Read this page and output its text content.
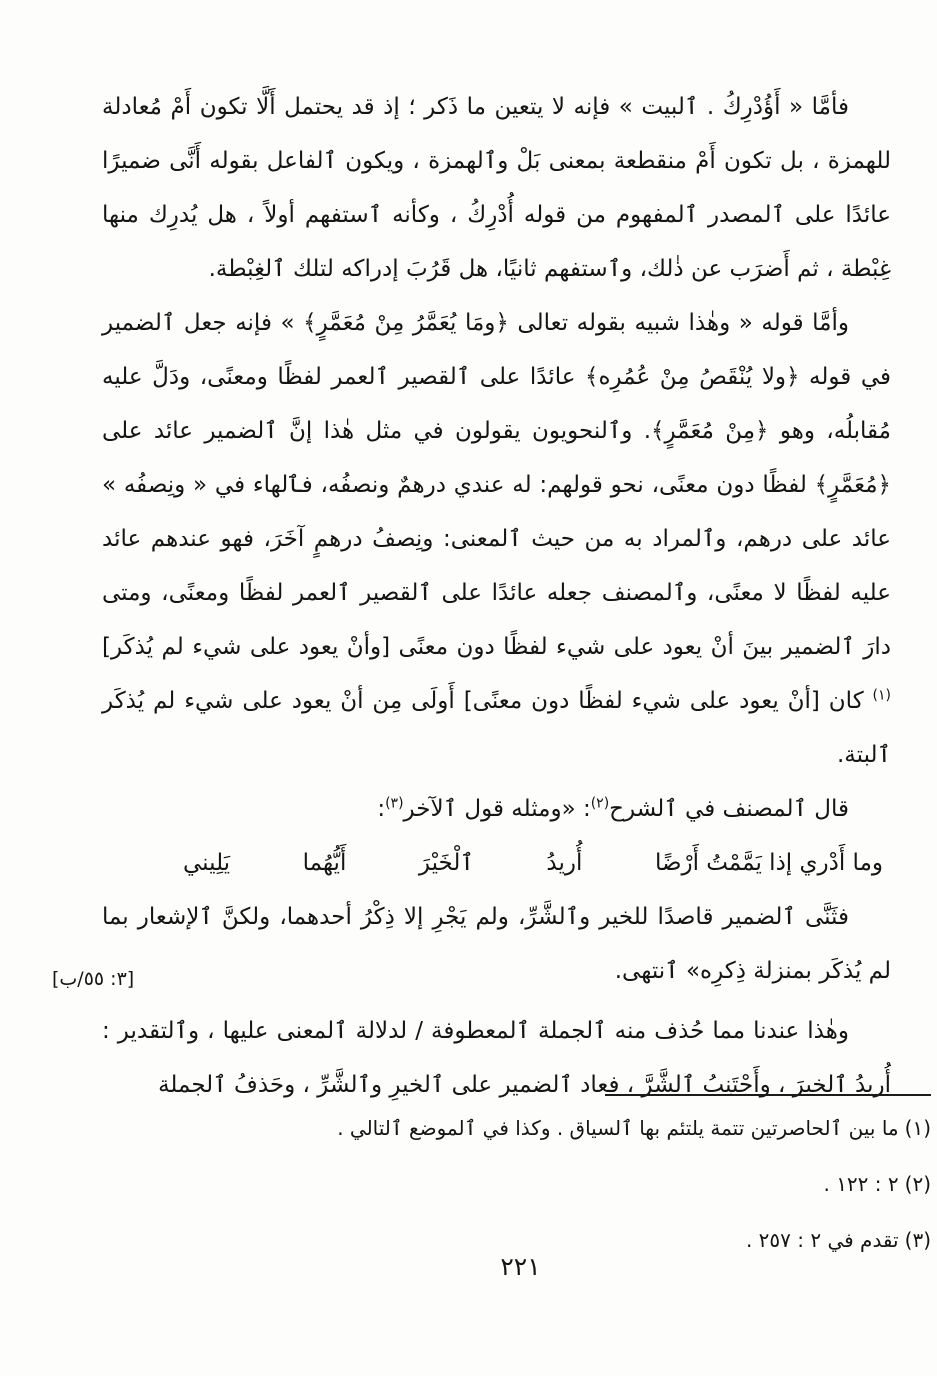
[٣: ٥٥/ب]

فأمَّا « أَؤُدْرِكُ . ٱلبيت » فإنه لا يتعين ما ذَكر ؛ إذ قد يحتمل أَلَّا تكون أَمْ مُعادلة للهمزة ، بل تكون أَمْ منقطعة بمعنى بَلْ وٱلهمزة ، ويكون ٱلفاعل بقوله أَنَّى ضميرًا عائدًا على ٱلمصدر ٱلمفهوم من قوله أُدْرِكُ ، وكأنه ٱستفهم أولاً ، هل يُدرِك منها غِبْطة ، ثم أَضرَب عن ذٰلك، وٱستفهم ثانيًا، هل قَرُبَ إدراكه لتلك ٱلغِبْطة.

وأمَّا قوله « وهٰذا شبيه بقوله تعالى ﴿ومَا يُعَمَّرُ مِنْ مُعَمَّرٍ﴾ » فإنه جعل ٱلضمير في قوله ﴿ولا يُنْقَصُ مِنْ عُمُرِه﴾ عائدًا على ٱلقصير ٱلعمر لفظًا ومعنًى، ودَلَّ عليه مُقابلُه، وهو ﴿مِنْ مُعَمَّرٍ﴾. وٱلنحويون يقولون في مثل هٰذا إنَّ ٱلضمير عائد على ﴿مُعَمَّرٍ﴾ لفظًا دون معنًى، نحو قولهم: له عندي درهمٌ ونصفُه، فٱلهاء في « ونِصفُه » عائد على درهم، وٱلمراد به من حيث ٱلمعنى: ونِصفُ درهمٍ آخَرَ، فهو عندهم عائد عليه لفظًا لا معنًى، وٱلمصنف جعله عائدًا على ٱلقصير ٱلعمر لفظًا ومعنًى، ومتى دارَ ٱلضمير بينَ أنْ يعود على شيء لفظًا دون معنًى [وأنْ يعود على شيء لم يُذكَر]$^{(١)}$ كان [أنْ يعود على شيء لفظًا دون معنًى] أَولَى مِن أنْ يعود على شيء لم يُذكَر ٱلبتة.

قال ٱلمصنف في ٱلشرح$^{(٢)}$: «ومثله قول ٱلآخر$^{(٣)}$:

وما أَدْري إذا يَمَّمْتُ أَرْضًا
أُريدُ
ٱلْخَيْرَ
أَيُّهُما
يَلِيني

فثَنَّى ٱلضمير قاصدًا للخير وٱلشَّرِّ، ولم يَجْرِ إلا ذِكْرُ أحدهما، ولكنَّ ٱلإشعار بما لم يُذكَر بمنزلة ذِكرِه» ٱنتهى.

وهٰذا عندنا مما حُذف منه ٱلجملة ٱلمعطوفة / لدلالة ٱلمعنى عليها ، وٱلتقدير : أُريدُ ٱلخيرَ ، وأَجْتَنِبُ ٱلشَّرَّ ، فعاد ٱلضمير على ٱلخيرِ وٱلشَّرِّ ، وحَذفُ ٱلجملة

(١)ما بين ٱلحاصرتين تتمة يلتئم بها ٱلسياق . وكذا في ٱلموضع ٱلتالي .
(٢)٢ : ١٢٢ .
(٣)تقدم في ٢ : ٢٥٧ .
٢٢١
